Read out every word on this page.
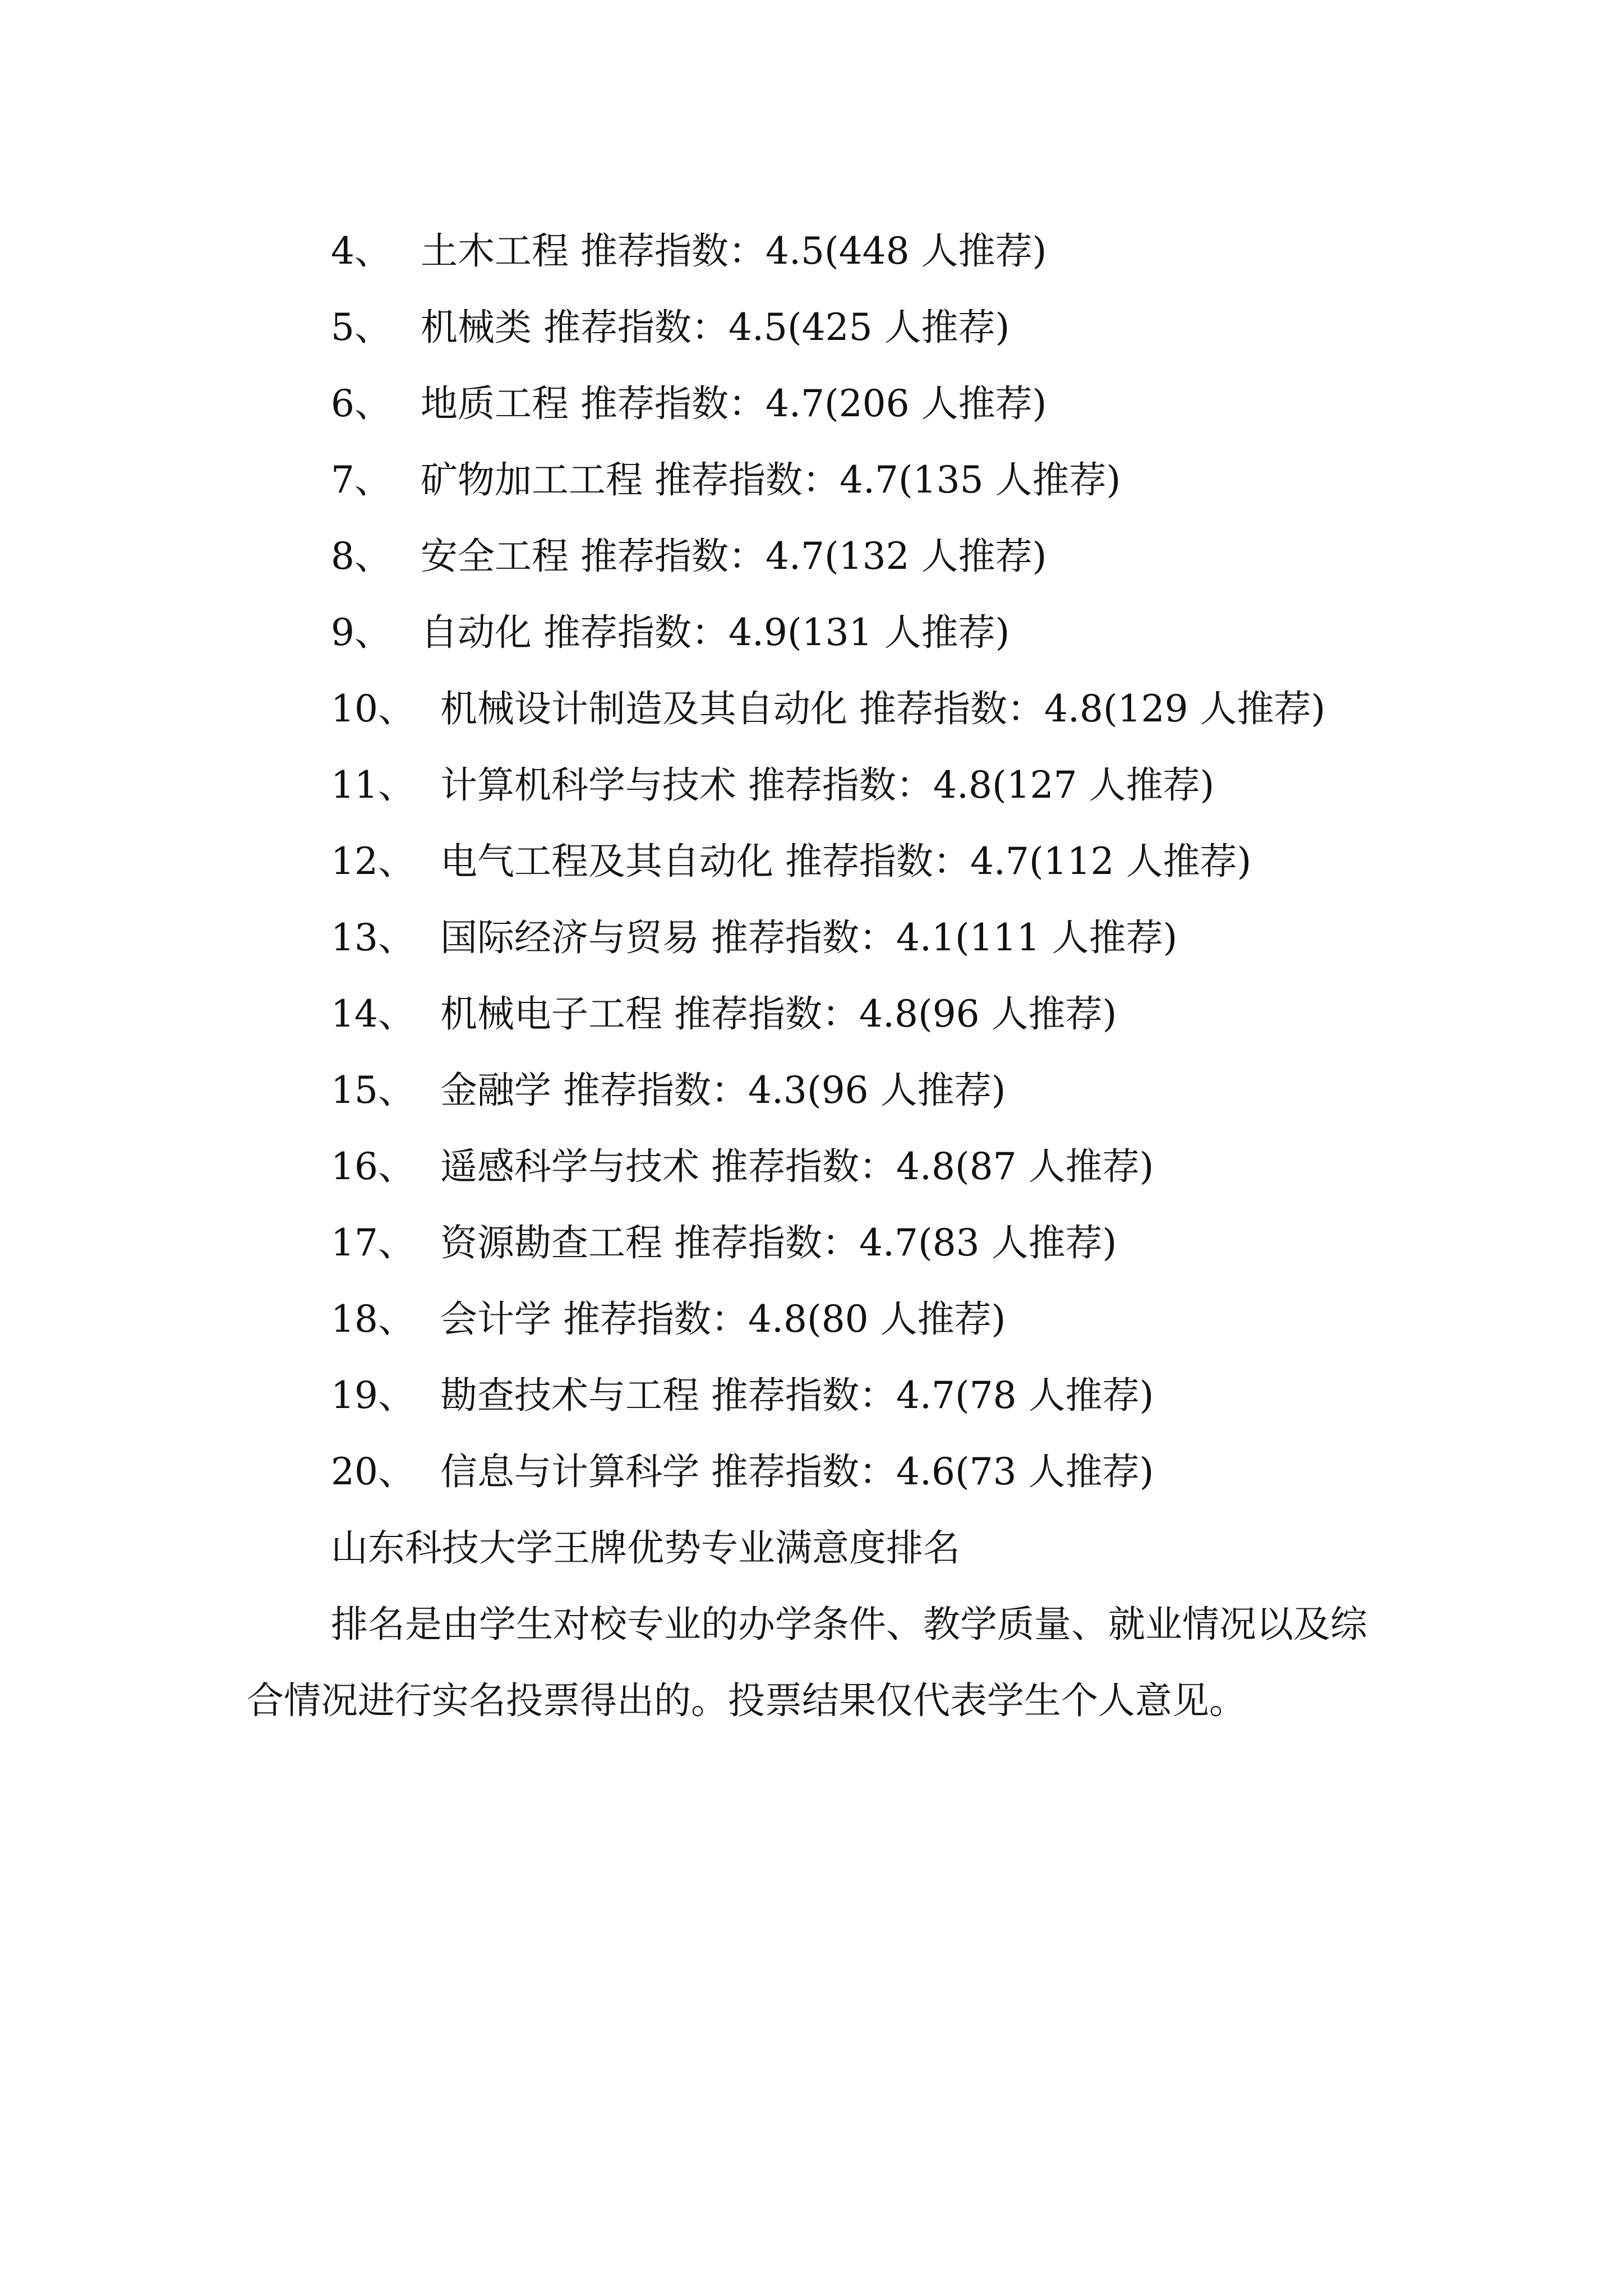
4、 土木工程 推荐指数：4.5(448 人推荐)

5、 机械类 推荐指数：4.5(425 人推荐)

6、 地质工程 推荐指数：4.7(206 人推荐)

7、 矿物加工工程 推荐指数：4.7(135 人推荐)

8、 安全工程 推荐指数：4.7(132 人推荐)

9、 自动化 推荐指数：4.9(131 人推荐)

10、 机械设计制造及其自动化 推荐指数：4.8(129 人推荐)

11、 计算机科学与技术 推荐指数：4.8(127 人推荐)

12、 电气工程及其自动化 推荐指数：4.7(112 人推荐)

13、 国际经济与贸易 推荐指数：4.1(111 人推荐)

14、 机械电子工程 推荐指数：4.8(96 人推荐)

15、 金融学 推荐指数：4.3(96 人推荐)

16、 遥感科学与技术 推荐指数：4.8(87 人推荐)

17、 资源勘查工程 推荐指数：4.7(83 人推荐)

18、 会计学 推荐指数：4.8(80 人推荐)

19、 勘查技术与工程 推荐指数：4.7(78 人推荐)

20、 信息与计算科学 推荐指数：4.6(73 人推荐)

山东科技大学王牌优势专业满意度排名

排名是由学生对校专业的办学条件、教学质量、就业情况以及综合情况进行实名投票得出的。投票结果仅代表学生个人意见。
